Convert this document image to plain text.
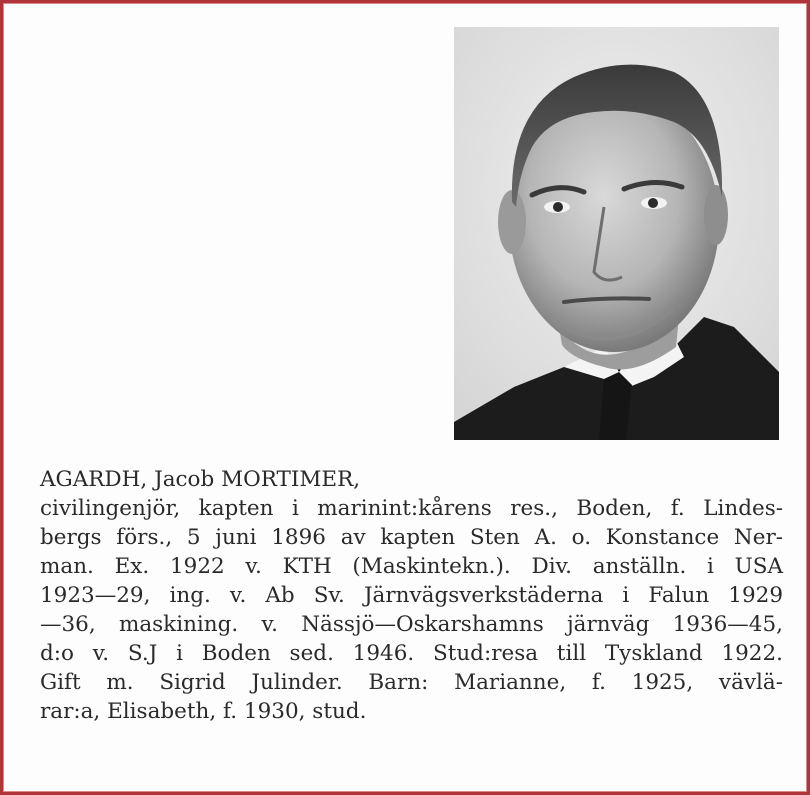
AGARDH, Jacob MORTIMER,
civilingenjör, kapten i marinint:kårens res., Boden, f. Lindes-
bergs förs., 5 juni 1896 av kapten Sten A. o. Konstance Ner-
man. Ex. 1922 v. KTH (Maskintekn.). Div. anställn. i USA
1923—29, ing. v. Ab Sv. Järnvägsverkstäderna i Falun 1929
—36, maskining. v. Nässjö—Oskarshamns järnväg 1936—45,
d:o v. S.J i Boden sed. 1946. Stud:resa till Tyskland 1922.
Gift m. Sigrid Julinder. Barn: Marianne, f. 1925, vävlä-
rar:a, Elisabeth, f. 1930, stud.
